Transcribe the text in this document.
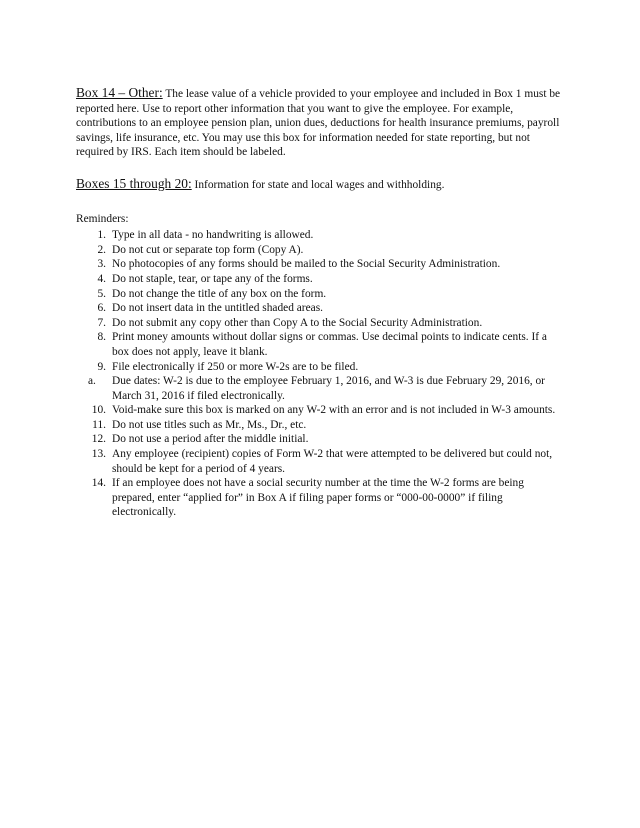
Box 14 – Other: The lease value of a vehicle provided to your employee and included in Box 1 must be reported here. Use to report other information that you want to give the employee. For example, contributions to an employee pension plan, union dues, deductions for health insurance premiums, payroll savings, life insurance, etc. You may use this box for information needed for state reporting, but not required by IRS. Each item should be labeled.

Boxes 15 through 20: Information for state and local wages and withholding.

Reminders:

1. Type in all data - no handwriting is allowed.
2. Do not cut or separate top form (Copy A).
3. No photocopies of any forms should be mailed to the Social Security Administration.
4. Do not staple, tear, or tape any of the forms.
5. Do not change the title of any box on the form.
6. Do not insert data in the untitled shaded areas.
7. Do not submit any copy other than Copy A to the Social Security Administration.
8. Print money amounts without dollar signs or commas. Use decimal points to indicate cents. If a box does not apply, leave it blank.
9. File electronically if 250 or more W-2s are to be filed.
a.	Due dates: W-2 is due to the employee February 1, 2016, and W-3 is due February 29, 2016, or March 31, 2016 if filed electronically.
10. Void-make sure this box is marked on any W-2 with an error and is not included in W-3 amounts.
11. Do not use titles such as Mr., Ms., Dr., etc.
12. Do not use a period after the middle initial.
13. Any employee (recipient) copies of Form W-2 that were attempted to be delivered but could not, should be kept for a period of 4 years.
14. If an employee does not have a social security number at the time the W-2 forms are being prepared, enter “applied for” in Box A if filing paper forms or “000-00-0000” if filing electronically.
